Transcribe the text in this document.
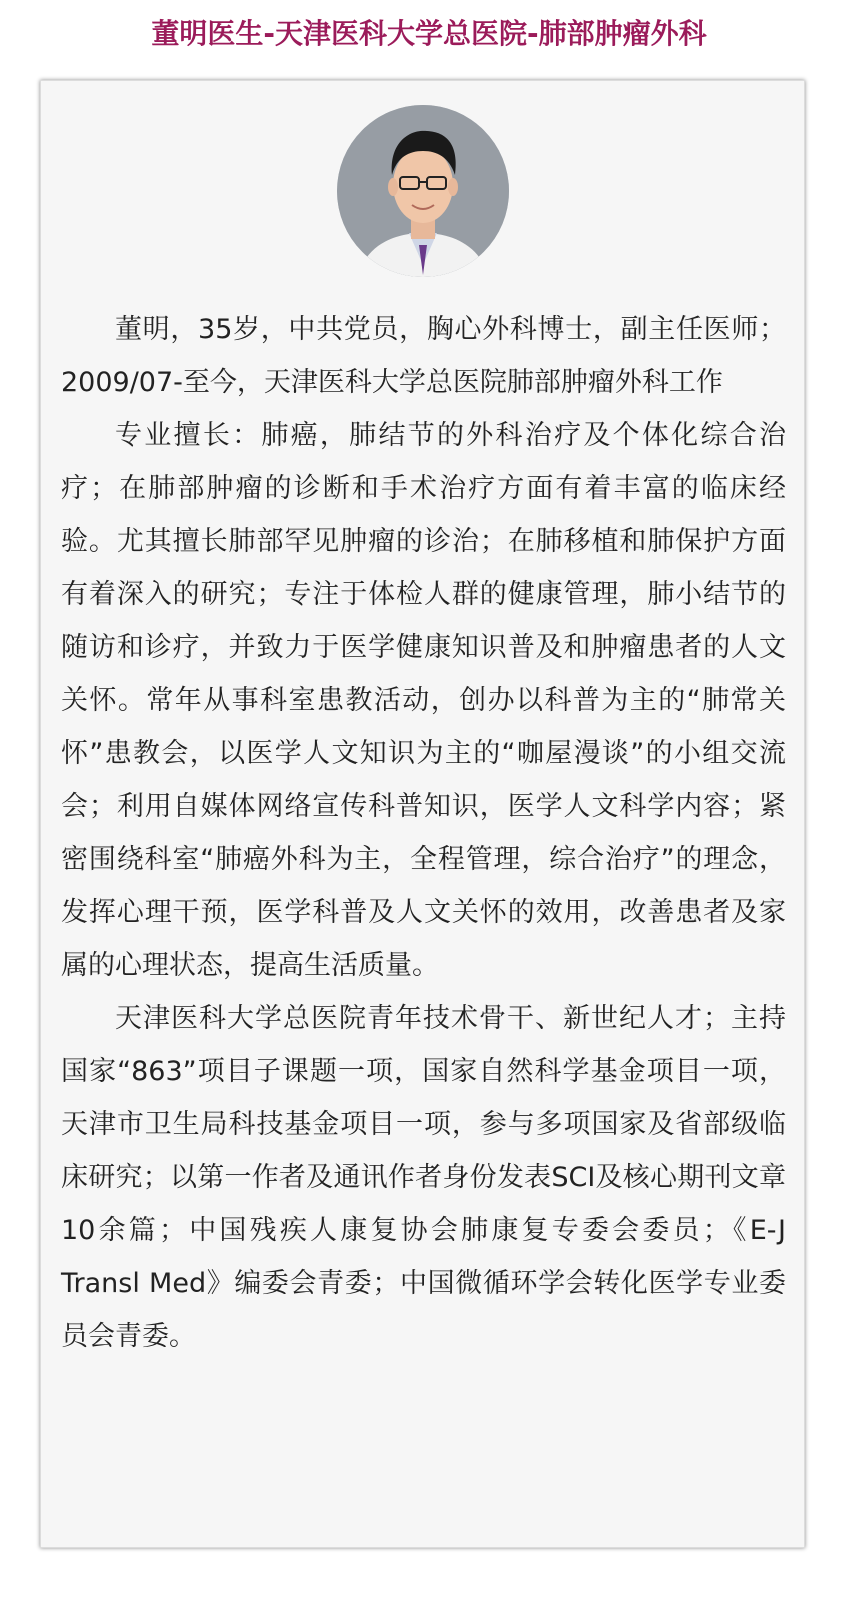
董明医生-天津医科大学总医院-肺部肿瘤外科

董明，35岁，中共党员，胸心外科博士，副主任医师；2009/07-至今，天津医科大学总医院肺部肿瘤外科工作

专业擅长：肺癌，肺结节的外科治疗及个体化综合治疗；在肺部肿瘤的诊断和手术治疗方面有着丰富的临床经验。尤其擅长肺部罕见肿瘤的诊治；在肺移植和肺保护方面有着深入的研究；专注于体检人群的健康管理，肺小结节的随访和诊疗，并致力于医学健康知识普及和肿瘤患者的人文关怀。常年从事科室患教活动，创办以科普为主的“肺常关怀”患教会，以医学人文知识为主的“咖屋漫谈”的小组交流会；利用自媒体网络宣传科普知识，医学人文科学内容；紧密围绕科室“肺癌外科为主，全程管理，综合治疗”的理念，发挥心理干预，医学科普及人文关怀的效用，改善患者及家属的心理状态，提高生活质量。

天津医科大学总医院青年技术骨干、新世纪人才；主持国家“863”项目子课题一项，国家自然科学基金项目一项，天津市卫生局科技基金项目一项，参与多项国家及省部级临床研究；以第一作者及通讯作者身份发表SCI及核心期刊文章10余篇；中国残疾人康复协会肺康复专委会委员；《E-J Transl Med》编委会青委；中国微循环学会转化医学专业委员会青委。
